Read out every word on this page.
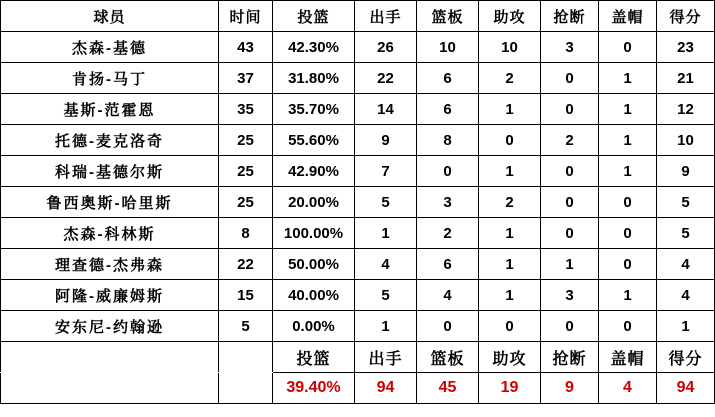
球员	时间	投篮	出手	篮板	助攻	抢断	盖帽	得分
杰森-基德	43	42.30%	26	10	10	3	0	23
肯扬-马丁	37	31.80%	22	6	2	0	1	21
基斯-范霍恩	35	35.70%	14	6	1	0	1	12
托德-麦克洛奇	25	55.60%	9	8	0	2	1	10
科瑞-基德尔斯	25	42.90%	7	0	1	0	1	9
鲁西奥斯-哈里斯	25	20.00%	5	3	2	0	0	5
杰森-科林斯	8	100.00%	1	2	1	0	0	5
理查德-杰弗森	22	50.00%	4	6	1	1	0	4
阿隆-威廉姆斯	15	40.00%	5	4	1	3	1	4
安东尼-约翰逊	5	0.00%	1	0	0	0	0	1
		投篮	出手	篮板	助攻	抢断	盖帽	得分
		39.40%	94	45	19	9	4	94
